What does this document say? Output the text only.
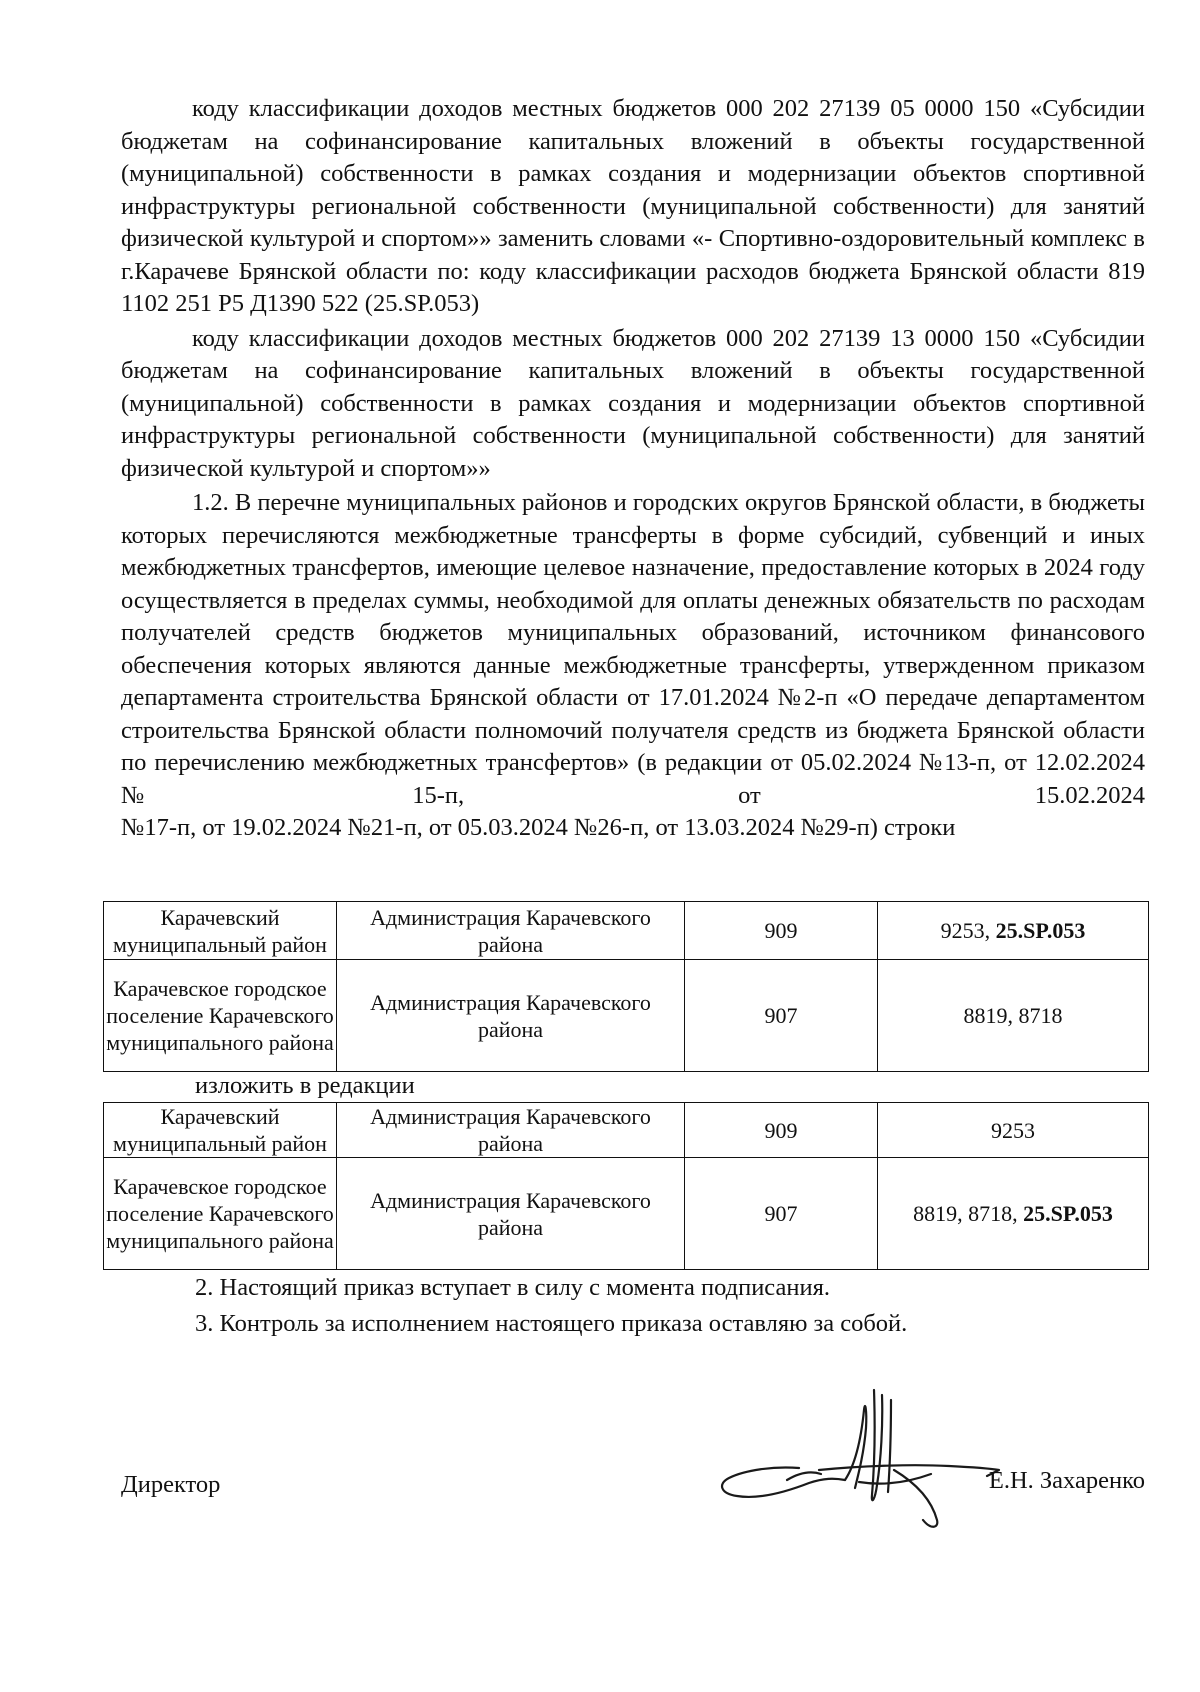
коду классификации доходов местных бюджетов 000 202 27139 05 0000 150 «Субсидии бюджетам на софинансирование капитальных вложений в объекты государственной (муниципальной) собственности в рамках создания и модернизации объектов спортивной инфраструктуры региональной собственности (муниципальной собственности) для занятий физической культурой и спортом»» заменить словами «- Спортивно-оздоровительный комплекс в г.Карачеве Брянской области по: коду классификации расходов бюджета Брянской области 819 1102 251 Р5 Д1390 522 (25.SP.053)

коду классификации доходов местных бюджетов 000 202 27139 13 0000 150 «Субсидии бюджетам на софинансирование капитальных вложений в объекты государственной (муниципальной) собственности в рамках создания и модернизации объектов спортивной инфраструктуры региональной собственности (муниципальной собственности) для занятий физической культурой и спортом»»

1.2. В перечне муниципальных районов и городских округов Брянской области, в бюджеты которых перечисляются межбюджетные трансферты в форме субсидий, субвенций и иных межбюджетных трансфертов, имеющие целевое назначение, предоставление которых в 2024 году осуществляется в пределах суммы, необходимой для оплаты денежных обязательств по расходам получателей средств бюджетов муниципальных образований, источником финансового обеспечения которых являются данные межбюджетные трансферты, утвержденном приказом департамента строительства Брянской области от 17.01.2024 №2-п «О передаче департаментом строительства Брянской области полномочий получателя средств из бюджета Брянской области по перечислению межбюджетных трансфертов» (в редакции от 05.02.2024 №13-п, от 12.02.2024 №15-п, от 15.02.2024

№17-п, от 19.02.2024 №21-п, от 05.03.2024 №26-п, от 13.03.2024 №29-п) строки

Карачевский муниципальный район	Администрация Карачевского района	909	9253, 25.SP.053
Карачевское городское поселение Карачевского муниципального района	Администрация Карачевского района	907	8819, 8718
изложить в редакции
Карачевский муниципальный район	Администрация Карачевского района	909	9253
Карачевское городское поселение Карачевского муниципального района	Администрация Карачевского района	907	8819, 8718, 25.SP.053
2. Настоящий приказ вступает в силу с момента подписания.
3. Контроль за исполнением настоящего приказа оставляю за собой.
Директор	Е.Н. Захаренко
